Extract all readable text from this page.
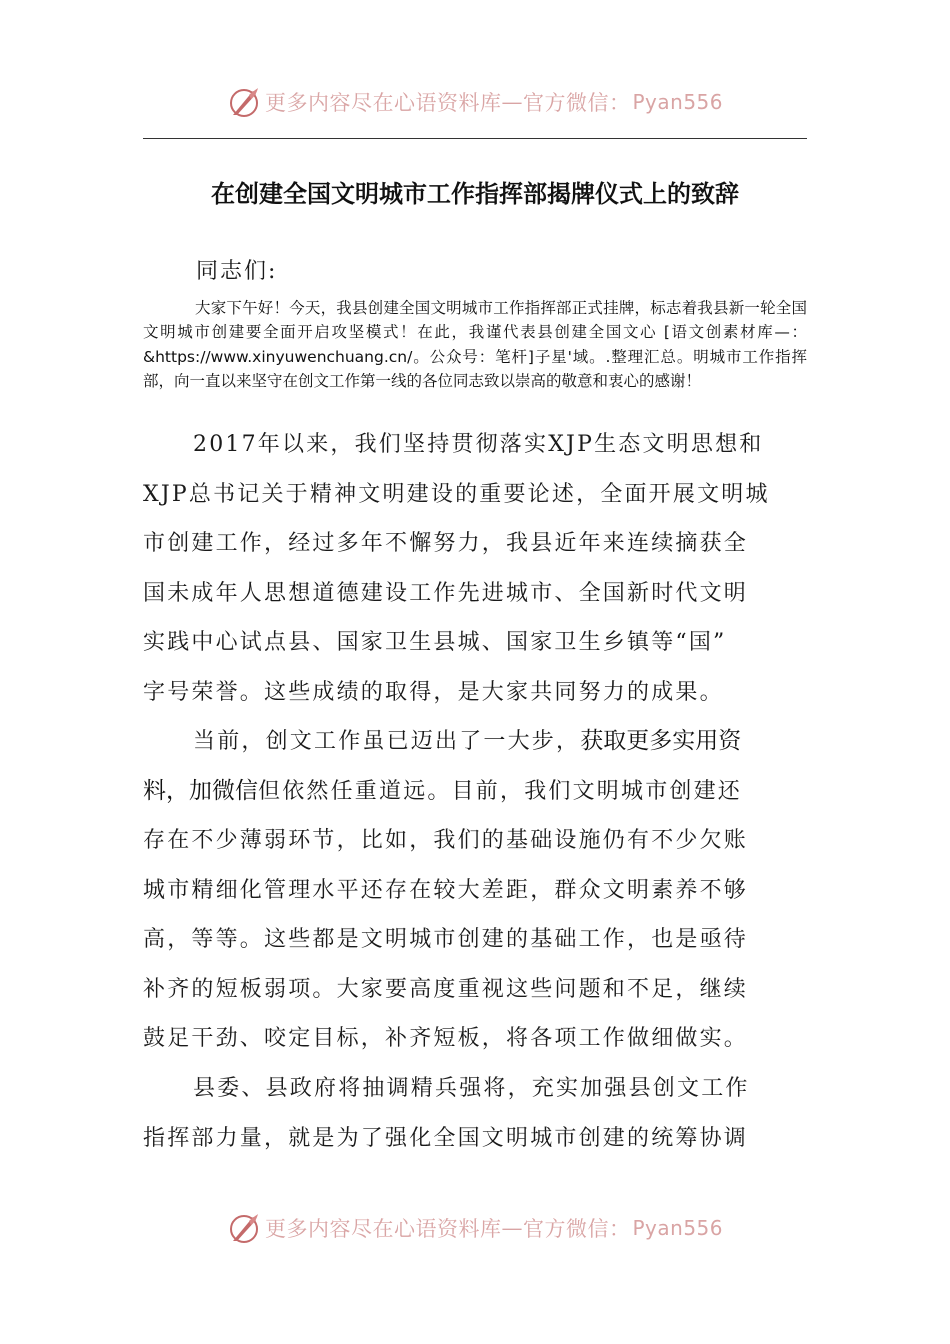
更多内容尽在心语资料库 — 官方微信： Pyan556
在创建全国文明城市工作指挥部揭牌仪式上的致辞
同志们:
大家下午好！今天，我县创建全国文明城市工作指挥部正式挂牌，标志着我县新一轮全国文明城市创建要全面开启攻坚模式！在此，我谨代表县创建全国文心 [语文创素材库—：&https://www.xinyuwenchuang.cn/。公众号：笔杆]子星'域。.整理汇总。明城市工作指挥部，向一直以来坚守在创文工作第一线的各位同志致以崇高的敬意和衷心的感谢！
2017年以来，我们坚持贯彻落实XJP生态文明思想和
XJP总书记关于精神文明建设的重要论述，全面开展文明城
市创建工作，经过多年不懈努力，我县近年来连续摘获全
国未成年人思想道德建设工作先进城市、全国新时代文明
实践中心试点县、国家卫生县城、国家卫生乡镇等“国”
字号荣誉。这些成绩的取得，是大家共同努力的成果。
当前，创文工作虽已迈出了一大步，获取更多实用资
料，加微信但依然任重道远。目前，我们文明城市创建还
存在不少薄弱环节，比如，我们的基础设施仍有不少欠账
城市精细化管理水平还存在较大差距，群众文明素养不够
高，等等。这些都是文明城市创建的基础工作，也是亟待
补齐的短板弱项。大家要高度重视这些问题和不足，继续
鼓足干劲、咬定目标，补齐短板，将各项工作做细做实。
县委、县政府将抽调精兵强将，充实加强县创文工作
指挥部力量，就是为了强化全国文明城市创建的统筹协调
更多内容尽在心语资料库 — 官方微信： Pyan556
